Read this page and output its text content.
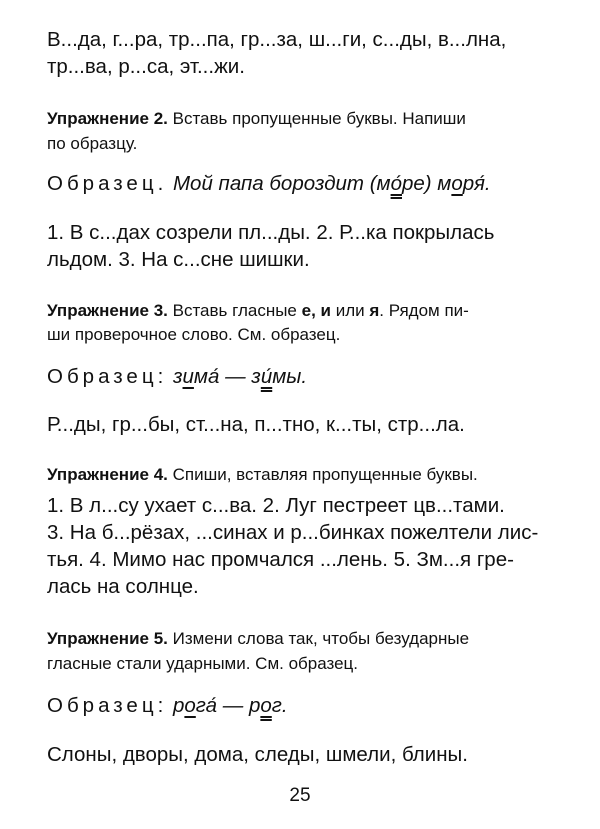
В...да, г...ра, тр...па, гр...за, ш...ги, с...ды, в...лна,
тр...ва, р...са, эт...жи.
Упражнение 2. Вставь пропущенные буквы. Напиши
по образцу.
Образец. Мой папа бороздит (мо́ре) моря́.
1. В с...дах созрели пл...ды. 2. Р...ка покрылась
льдом. 3. На с...сне шишки.
Упражнение 3. Вставь гласные е, и или я. Рядом пи-
ши проверочное слово. См. образец.
Образец: зима́ — зи́мы.
Р...ды, гр...бы, ст...на, п...тно, к...ты, стр...ла.
Упражнение 4. Спиши, вставляя пропущенные буквы.
1. В л...су ухает с...ва. 2. Луг пестреет цв...тами.
3. На б...рёзах, ...синах и р...бинках пожелтели лис-
тья. 4. Мимо нас промчался ...лень. 5. Зм...я гре-
лась на солнце.
Упражнение 5. Измени слова так, чтобы безударные
гласные стали ударными. См. образец.
Образец: рога́ — рог.
Слоны, дворы, дома, следы, шмели, блины.
25
